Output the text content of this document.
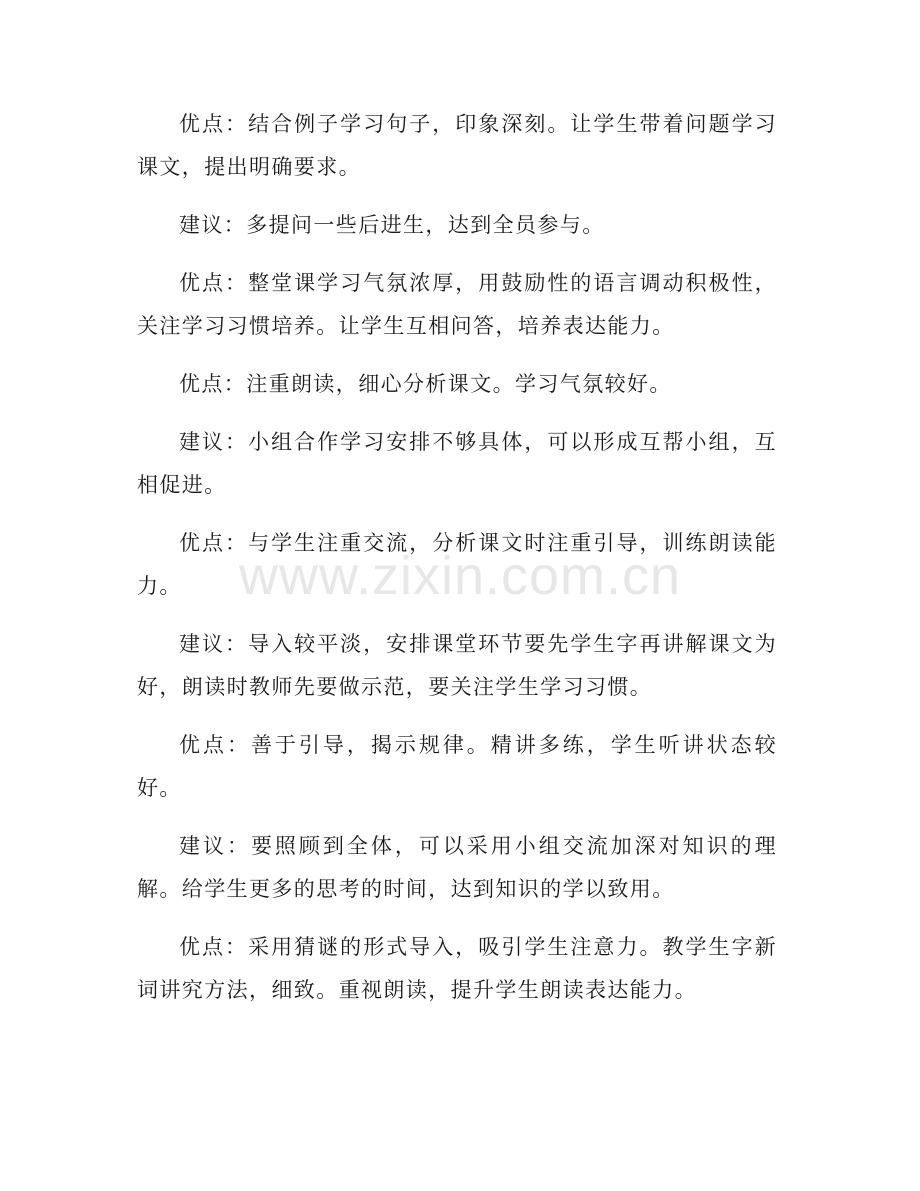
优点：结合例子学习句子，印象深刻。让学生带着问题学习课文，提出明确要求。

建议：多提问一些后进生，达到全员参与。

优点：整堂课学习气氛浓厚，用鼓励性的语言调动积极性，关注学习习惯培养。让学生互相问答，培养表达能力。

优点：注重朗读，细心分析课文。学习气氛较好。

建议：小组合作学习安排不够具体，可以形成互帮小组，互相促进。

优点：与学生注重交流，分析课文时注重引导，训练朗读能力。

建议：导入较平淡，安排课堂环节要先学生字再讲解课文为好，朗读时教师先要做示范，要关注学生学习习惯。

优点：善于引导，揭示规律。精讲多练，学生听讲状态较好。

建议：要照顾到全体，可以采用小组交流加深对知识的理解。给学生更多的思考的时间，达到知识的学以致用。

优点：采用猜谜的形式导入，吸引学生注意力。教学生字新词讲究方法，细致。重视朗读，提升学生朗读表达能力。

www.zixin.com.cn
